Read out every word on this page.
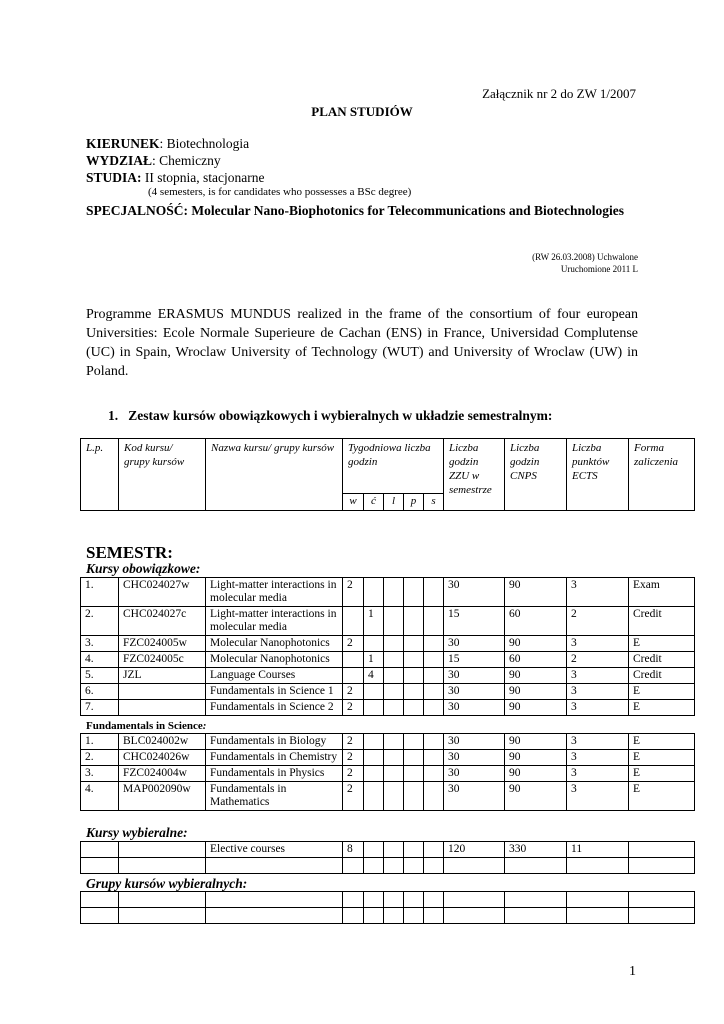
Załącznik nr 2 do ZW 1/2007
PLAN STUDIÓW
KIERUNEK: Biotechnologia
WYDZIAŁ: Chemiczny
STUDIA: II stopnia, stacjonarne
(4 semesters, is for candidates who possesses a BSc degree)
SPECJALNOŚĆ: Molecular Nano-Biophotonics for Telecommunications and Biotechnologies
(RW 26.03.2008) Uchwalone
Uruchomione 2011 L
Programme ERASMUS MUNDUS realized in the frame of the consortium of four european Universities: Ecole Normale Superieure de Cachan (ENS) in France, Universidad Complutense (UC) in Spain, Wroclaw University of Technology (WUT) and University of Wroclaw (UW) in Poland.
1.   Zestaw kursów obowiązkowych i wybieralnych w układzie semestralnym:
L.p.	Kod kursu/ grupy kursów	Nazwa kursu/ grupy kursów	Tygodniowa liczba godzin					Liczba godzin ZZU w semestrze	Liczba godzin CNPS	Liczba punktów ECTS	Forma zaliczenia
			w	ć	l	p	s				
SEMESTR:
Kursy obowiązkowe:
1.	CHC024027w	Light-matter interactions in molecular media	2					30	90	3	Exam
2.	CHC024027c	Light-matter interactions in molecular media		1				15	60	2	Credit
3.	FZC024005w	Molecular Nanophotonics	2					30	90	3	E
4.	FZC024005c	Molecular Nanophotonics		1				15	60	2	Credit
5.	JZL	Language Courses		4				30	90	3	Credit
6.		Fundamentals in Science 1	2					30	90	3	E
7.		Fundamentals in Science 2	2					30	90	3	E
Fundamentals in Science:
1.	BLC024002w	Fundamentals in Biology	2					30	90	3	E
2.	CHC024026w	Fundamentals in Chemistry	2					30	90	3	E
3.	FZC024004w	Fundamentals in Physics	2					30	90	3	E
4.	MAP002090w	Fundamentals in Mathematics	2					30	90	3	E
Kursy wybieralne:
		Elective courses	8					120	330	11	

Grupy kursów wybieralnych:

1
